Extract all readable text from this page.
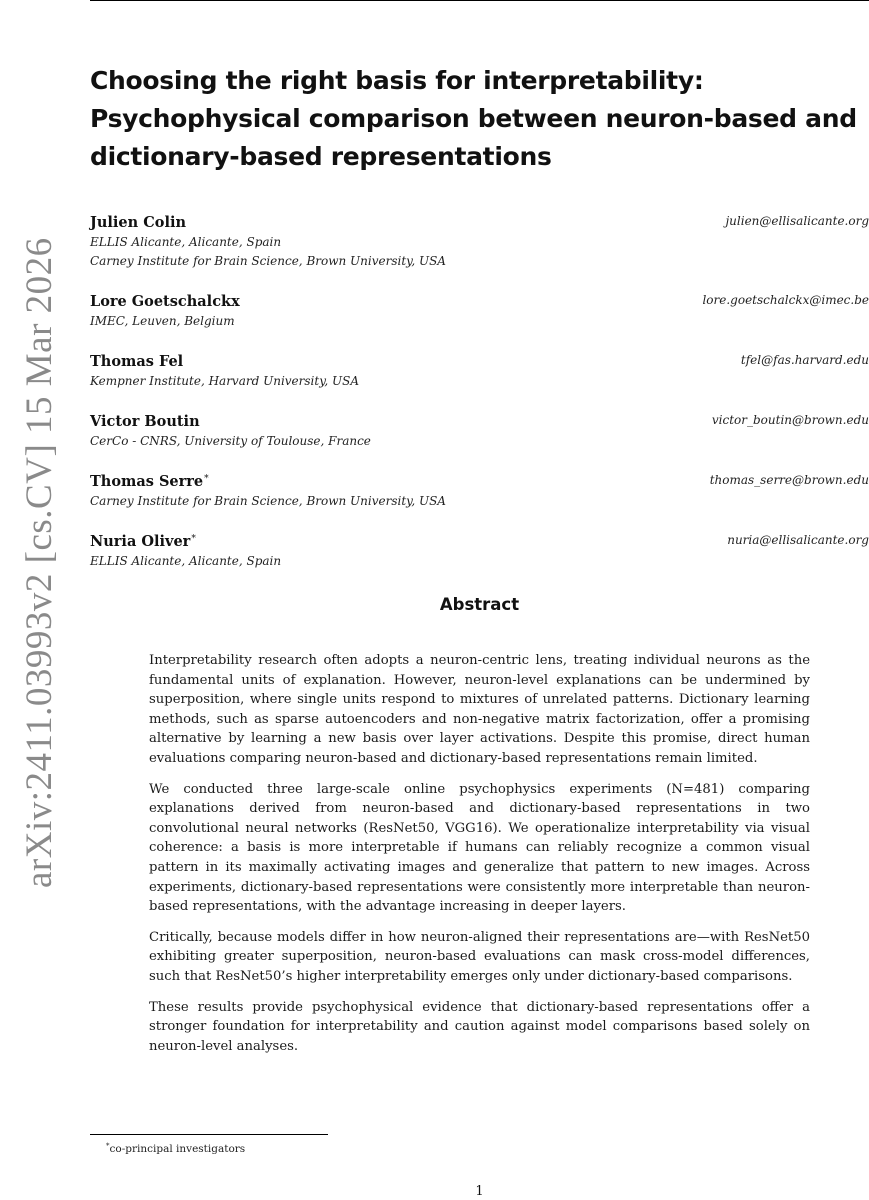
arXiv:2411.03993v2 [cs.CV] 15 Mar 2026
Choosing the right basis for interpretability:
Psychophysical comparison between neuron-based and
dictionary-based representations
Julien Colin	julien@ellisalicante.org
ELLIS Alicante, Alicante, Spain
Carney Institute for Brain Science, Brown University, USA
Lore Goetschalckx	lore.goetschalckx@imec.be
IMEC, Leuven, Belgium
Thomas Fel	tfel@fas.harvard.edu
Kempner Institute, Harvard University, USA
Victor Boutin	victor_boutin@brown.edu
CerCo - CNRS, University of Toulouse, France
Thomas Serre*	thomas_serre@brown.edu
Carney Institute for Brain Science, Brown University, USA
Nuria Oliver*	nuria@ellisalicante.org
ELLIS Alicante, Alicante, Spain
Abstract

Interpretability research often adopts a neuron-centric lens, treating individual neurons as the fundamental units of explanation. However, neuron-level explanations can be undermined by superposition, where single units respond to mixtures of unrelated patterns. Dictionary learning methods, such as sparse autoencoders and non-negative matrix factorization, offer a promising alternative by learning a new basis over layer activations. Despite this promise, direct human evaluations comparing neuron-based and dictionary-based representations remain limited.

We conducted three large-scale online psychophysics experiments (N=481) comparing explanations derived from neuron-based and dictionary-based representations in two convolutional neural networks (ResNet50, VGG16). We operationalize interpretability via visual coherence: a basis is more interpretable if humans can reliably recognize a common visual pattern in its maximally activating images and generalize that pattern to new images. Across experiments, dictionary-based representations were consistently more interpretable than neuron-based representations, with the advantage increasing in deeper layers.

Critically, because models differ in how neuron-aligned their representations are—with ResNet50 exhibiting greater superposition, neuron-based evaluations can mask cross-model differences, such that ResNet50’s higher interpretability emerges only under dictionary-based comparisons.

These results provide psychophysical evidence that dictionary-based representations offer a stronger foundation for interpretability and caution against model comparisons based solely on neuron-level analyses.

*co-principal investigators
1
